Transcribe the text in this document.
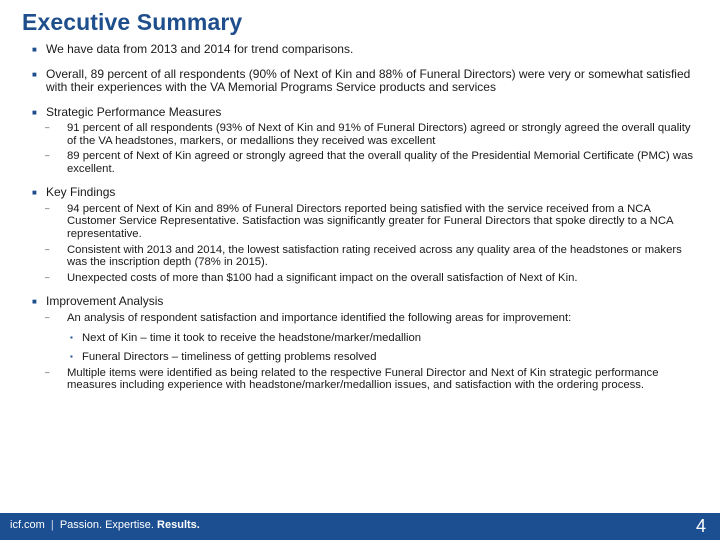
Executive Summary
■ We have data from 2013 and 2014 for trend comparisons.
■ Overall, 89 percent of all respondents (90% of Next of Kin and 88% of Funeral Directors) were very or somewhat satisfied with their experiences with the VA Memorial Programs Service products and services
■ Strategic Performance Measures
– 91 percent of all respondents (93% of Next of Kin and 91% of Funeral Directors) agreed or strongly agreed the overall quality of the VA headstones, markers, or medallions they received was excellent
– 89 percent of Next of Kin agreed or strongly agreed that the overall quality of the Presidential Memorial Certificate (PMC) was excellent.
■ Key Findings
– 94 percent of Next of Kin and 89% of Funeral Directors reported being satisfied with the service received from a NCA Customer Service Representative. Satisfaction was significantly greater for Funeral Directors that spoke directly to a NCA representative.
– Consistent with 2013 and 2014, the lowest satisfaction rating received across any quality area of the headstones or makers was the inscription depth (78% in 2015).
– Unexpected costs of more than $100 had a significant impact on the overall satisfaction of Next of Kin.
■ Improvement Analysis
– An analysis of respondent satisfaction and importance identified the following areas for improvement:
▪ Next of Kin – time it took to receive the headstone/marker/medallion
▪ Funeral Directors – timeliness of getting problems resolved
– Multiple items were identified as being related to the respective Funeral Director and Next of Kin strategic performance measures including experience with headstone/marker/medallion issues, and satisfaction with the ordering process.
icf.com | Passion. Expertise. Results.	4
